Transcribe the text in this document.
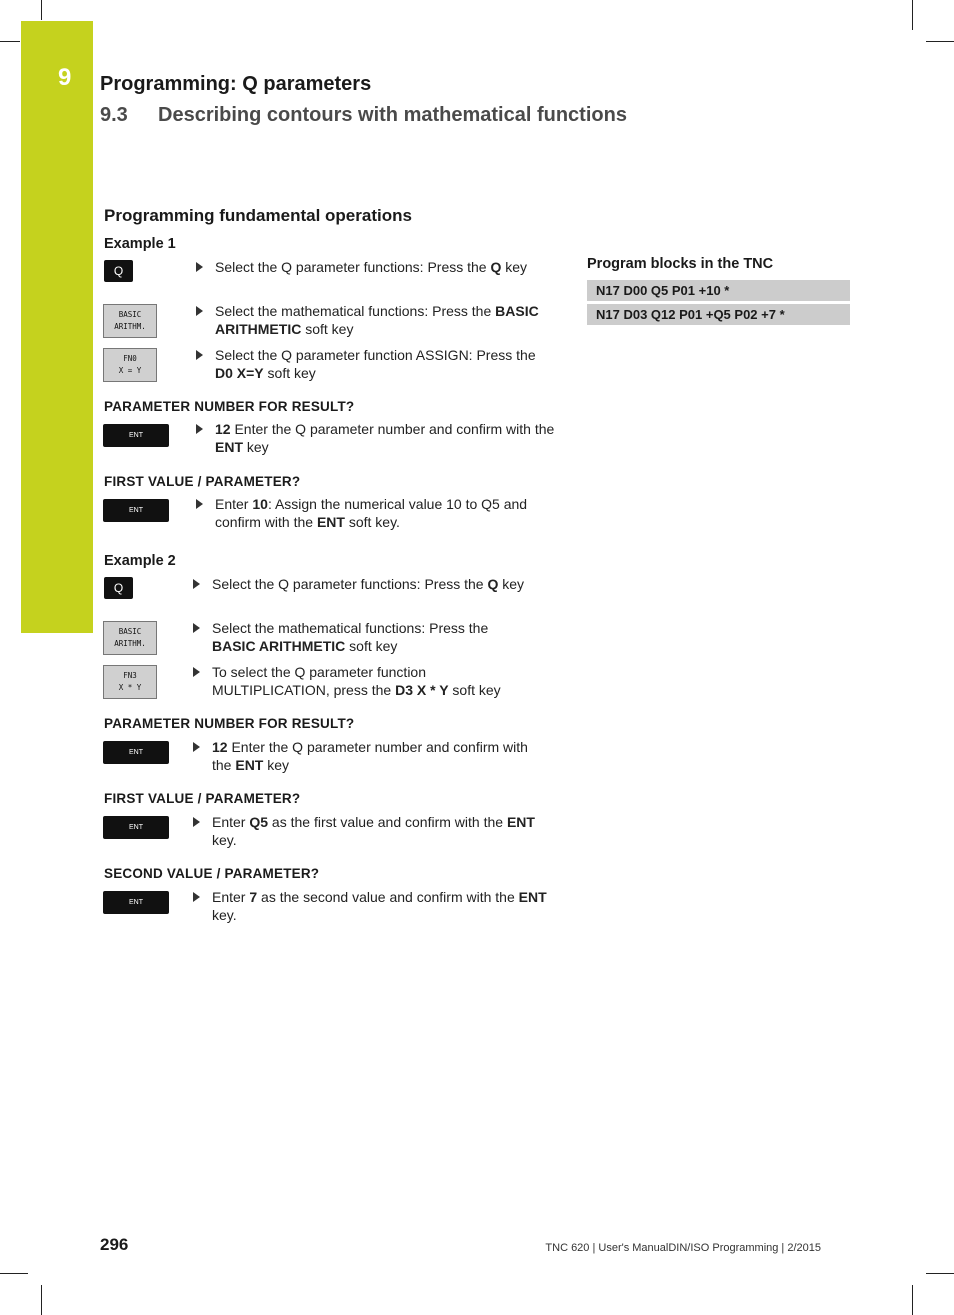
9 Programming: Q parameters
9.3 Describing contours with mathematical functions
Programming fundamental operations
Example 1
Q	Select the Q parameter functions: Press the Q key
BASIC
ARITHM.
Select the mathematical functions: Press the BASIC ARITHMETIC soft key
FN0
X = Y
Select the Q parameter function ASSIGN: Press the D0 X=Y soft key
PARAMETER NUMBER FOR RESULT?
ENT	12 Enter the Q parameter number and confirm with the ENT key
FIRST VALUE / PARAMETER?
ENT	Enter 10: Assign the numerical value 10 to Q5 and confirm with the ENT soft key.
Example 2
Q	Select the Q parameter functions: Press the Q key
BASIC
ARITHM.
Select the mathematical functions: Press the BASIC ARITHMETIC soft key
FN3
X * Y
To select the Q parameter function MULTIPLICATION, press the D3 X * Y soft key
PARAMETER NUMBER FOR RESULT?
ENT	12 Enter the Q parameter number and confirm with the ENT key
FIRST VALUE / PARAMETER?
ENT	Enter Q5 as the first value and confirm with the ENT key.
SECOND VALUE / PARAMETER?
ENT	Enter 7 as the second value and confirm with the ENT key.
Program blocks in the TNC
N17 D00 Q5 P01 +10 *
N17 D03 Q12 P01 +Q5 P02 +7 *
296	TNC 620 | User's ManualDIN/ISO Programming | 2/2015
